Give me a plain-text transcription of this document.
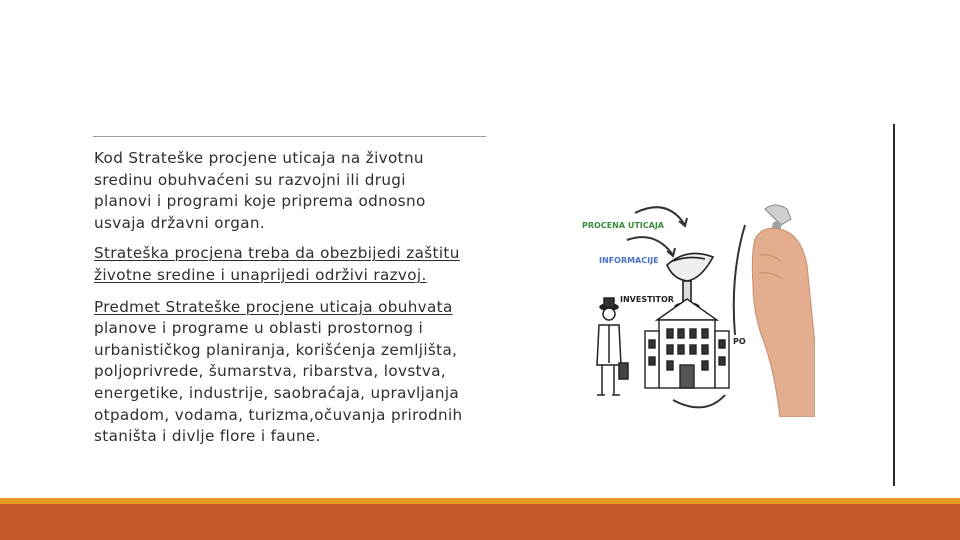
Kod Strateške procjene uticaja na životnu
sredinu obuhvaćeni su razvojni ili drugi
planovi i programi koje priprema odnosno
usvaja državni organ.
Strateška procjena treba da obezbijedi zaštitu
životne sredine i unaprijedi održivi razvoj.
Predmet Strateške procjene uticaja obuhvata
planove i programe u oblasti prostornog i
urbanističkog planiranja, korišćenja zemljišta,
poljoprivrede, šumarstva, ribarstva, lovstva,
energetike, industrije, saobraćaja, upravljanja
otpadom, vodama, turizma,očuvanja prirodnih
staništa i divlje flore i faune.
PROCENA UTICAJA
INFORMACIJE
INVESTITOR
PO
